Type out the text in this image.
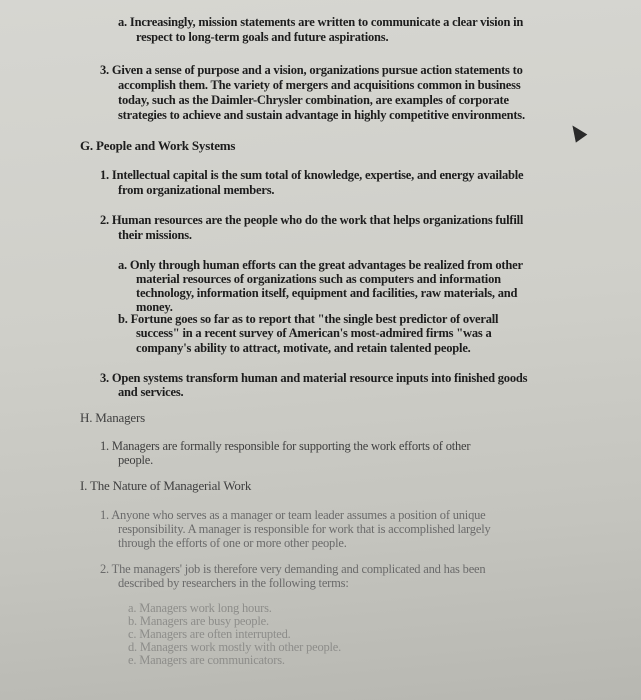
a. Increasingly, mission statements are written to communicate a clear vision in
respect to long-term goals and future aspirations.
3. Given a sense of purpose and a vision, organizations pursue action statements to
accomplish them. The variety of mergers and acquisitions common in business
today, such as the Daimler-Chrysler combination, are examples of corporate
strategies to achieve and sustain advantage in highly competitive environments.
G. People and Work Systems
1. Intellectual capital is the sum total of knowledge, expertise, and energy available
from organizational members.
2. Human resources are the people who do the work that helps organizations fulfill
their missions.
a. Only through human efforts can the great advantages be realized from other
material resources of organizations such as computers and information
technology, information itself, equipment and facilities, raw materials, and
money.
b. Fortune goes so far as to report that "the single best predictor of overall
success" in a recent survey of American's most-admired firms "was a
company's ability to attract, motivate, and retain talented people.
3. Open systems transform human and material resource inputs into finished goods
and services.
H. Managers
1. Managers are formally responsible for supporting the work efforts of other
people.
I. The Nature of Managerial Work
1. Anyone who serves as a manager or team leader assumes a position of unique
responsibility. A manager is responsible for work that is accomplished largely
through the efforts of one or more other people.
2. The managers' job is therefore very demanding and complicated and has been
described by researchers in the following terms:
a. Managers work long hours.
b. Managers are busy people.
c. Managers are often interrupted.
d. Managers work mostly with other people.
e. Managers are communicators.
